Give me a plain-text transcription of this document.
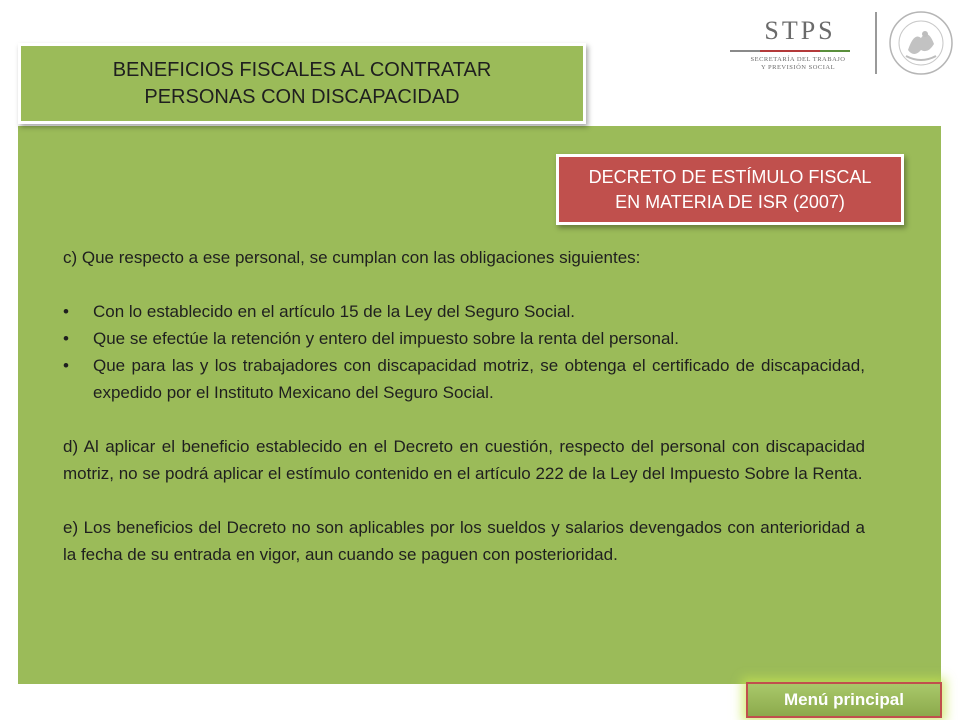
STPS
SECRETARÍA DEL TRABAJO
Y PREVISIÓN SOCIAL
BENEFICIOS FISCALES AL CONTRATAR
PERSONAS CON DISCAPACIDAD
DECRETO DE ESTÍMULO FISCAL
EN MATERIA DE ISR (2007)

c) Que respecto a ese personal, se cumplan con las obligaciones siguientes:

•	Con lo establecido en el artículo 15 de la Ley del Seguro Social.
•	Que se efectúe la retención y entero del impuesto sobre la renta del personal.
•	Que para las y los trabajadores con discapacidad motriz, se obtenga el certificado de discapacidad, expedido por el Instituto Mexicano del Seguro Social.

d) Al aplicar el beneficio establecido en el Decreto en cuestión, respecto del personal con discapacidad motriz, no se podrá aplicar el estímulo contenido en el artículo 222 de la Ley del Impuesto Sobre la Renta.

e) Los beneficios del Decreto no son aplicables por los sueldos y salarios devengados con anterioridad a la fecha de su entrada en vigor, aun cuando se paguen con posterioridad.

Menú principal
